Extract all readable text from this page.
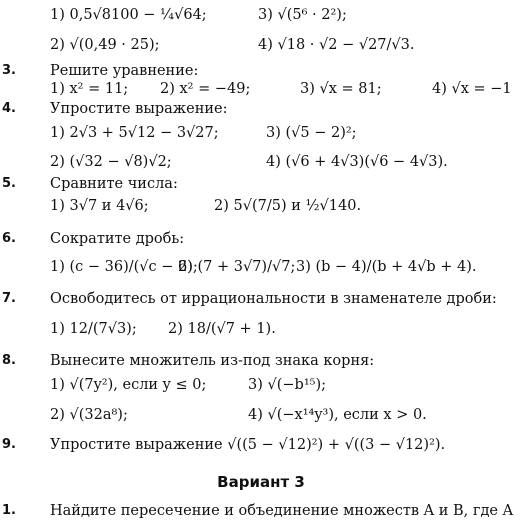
1) 0,5√8100 − ¼√64;	3) √(5⁶ · 2²);
2) √(0,49 · 25);	4) √18 · √2 − √27/√3.
3. Решите уравнение:
1) x² = 11; 2) x² = −49;	3) √x = 81;	4) √x = −1
4. Упростите выражение:
1) 2√3 + 5√12 − 3√27;	3) (√5 − 2)²;
2) (√32 − √8)√2;	4) (√6 + 4√3)(√6 − 4√3).
5. Сравните числа:
1) 3√7 и 4√6;	2) 5√(7/5) и ½√140.
6. Сократите дробь:
1) (c − 36)/(√c − 6);
2) (7 + 3√7)/√7; 3) (b − 4)/(b + 4√b + 4).
7. Освободитесь от иррациональности в знаменателе дроби:
1) 12/(7√3); 2) 18/(√7 + 1).
8. Вынесите множитель из-под знака корня:
1) √(7y²), если y ≤ 0;	3) √(−b¹⁵);
2) √(32a⁸);	4) √(−x¹⁴y³), если x > 0.
9. Упростите выражение √((5 − √12)²) + √((3 − √12)²).
Вариант 3
1. Найдите пересечение и объединение множеств A и B, где A
